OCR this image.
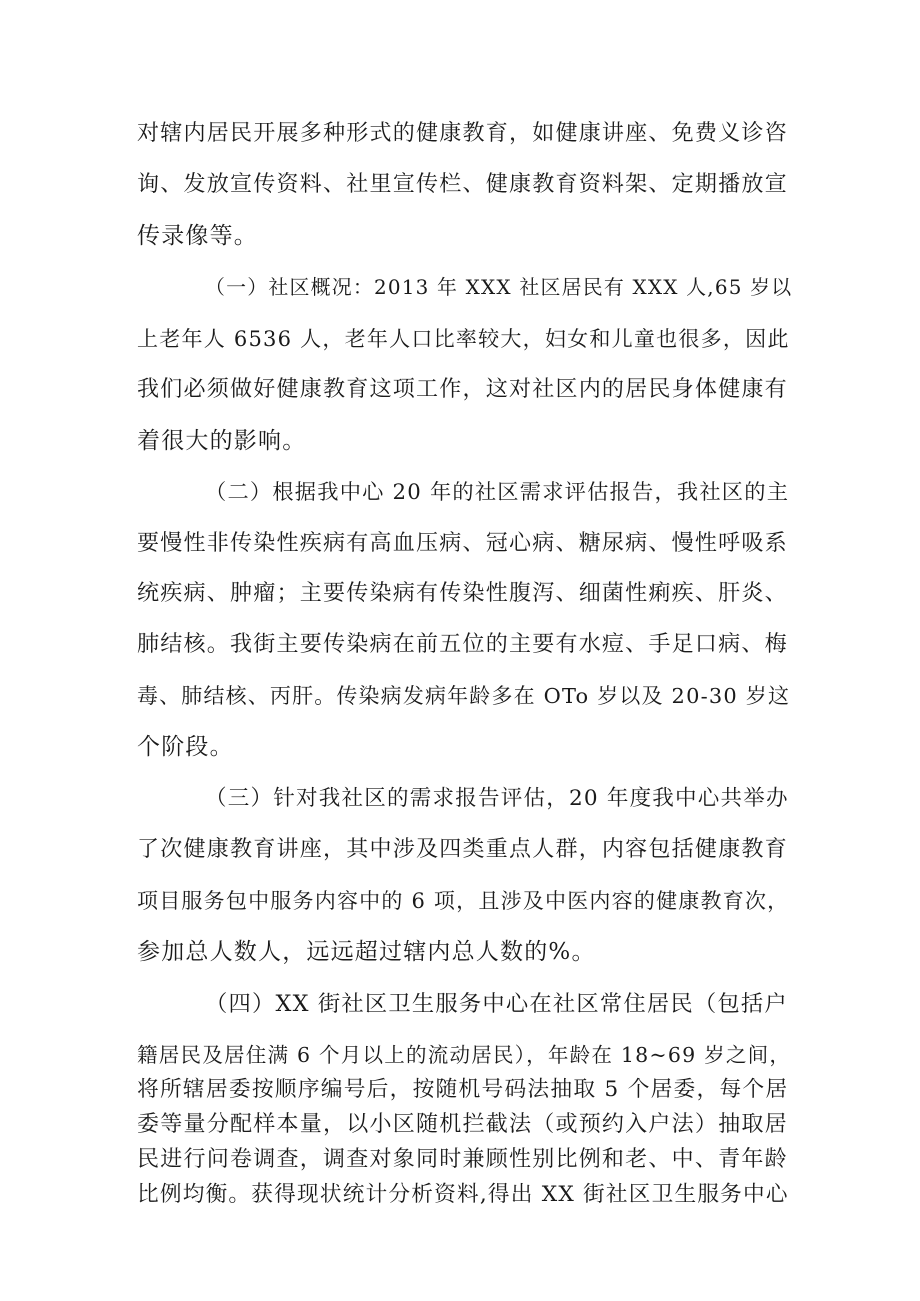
对辖内居民开展多种形式的健康教育，如健康讲座、免费义诊咨
询、发放宣传资料、社里宣传栏、健康教育资料架、定期播放宣
传录像等。
（一）社区概况：2013 年 XXX 社区居民有 XXX 人,65 岁以
上老年人 6536 人，老年人口比率较大，妇女和儿童也很多，因此
我们必须做好健康教育这项工作，这对社区内的居民身体健康有
着很大的影响。
（二）根据我中心 20 年的社区需求评估报告，我社区的主
要慢性非传染性疾病有高血压病、冠心病、糖尿病、慢性呼吸系
统疾病、肿瘤；主要传染病有传染性腹泻、细菌性痢疾、肝炎、
肺结核。我街主要传染病在前五位的主要有水痘、手足口病、梅
毒、肺结核、丙肝。传染病发病年龄多在 OTo 岁以及 20-30 岁这
个阶段。
（三）针对我社区的需求报告评估，20 年度我中心共举办
了次健康教育讲座，其中涉及四类重点人群，内容包括健康教育
项目服务包中服务内容中的 6 项，且涉及中医内容的健康教育次，
参加总人数人，远远超过辖内总人数的%。
（四）XX 街社区卫生服务中心在社区常住居民（包括户
籍居民及居住满 6 个月以上的流动居民），年龄在 18~69 岁之间，
将所辖居委按顺序编号后，按随机号码法抽取 5 个居委，每个居
委等量分配样本量，以小区随机拦截法（或预约入户法）抽取居
民进行问卷调查，调查对象同时兼顾性别比例和老、中、青年龄
比例均衡。获得现状统计分析资料,得出 XX 街社区卫生服务中心
